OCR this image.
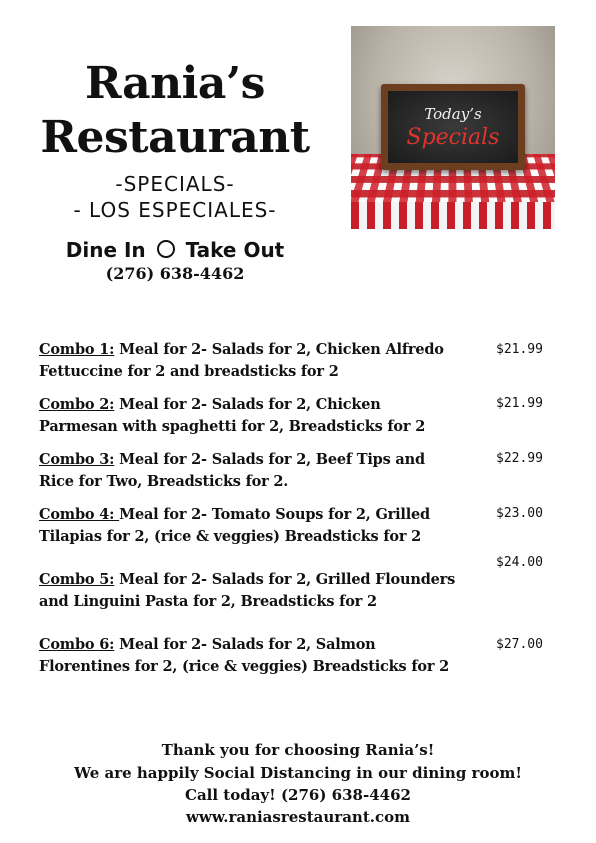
Rania’s
Restaurant
-SPECIALS-
- LOS ESPECIALES-
Dine In Take Out
(276) 638-4462
Today’s
Specials
Combo 1: Meal for 2- Salads for 2, Chicken Alfredo
Fettuccine for 2 and breadsticks for 2
$21.99
Combo 2: Meal for 2- Salads for 2, Chicken
Parmesan with spaghetti for 2, Breadsticks for 2
$21.99
Combo 3: Meal for 2- Salads for 2, Beef Tips and
Rice for Two, Breadsticks for 2.
$22.99
Combo 4: Meal for 2- Tomato Soups for 2, Grilled
Tilapias for 2, (rice & veggies) Breadsticks for 2
$23.00
$24.00
Combo 5: Meal for 2- Salads for 2, Grilled Flounders
and Linguini Pasta for 2, Breadsticks for 2
Combo 6: Meal for 2- Salads for 2, Salmon
Florentines for 2, (rice & veggies) Breadsticks for 2
$27.00
Thank you for choosing Rania’s!
We are happily Social Distancing in our dining room!
Call today! (276) 638-4462
www.raniasrestaurant.com
